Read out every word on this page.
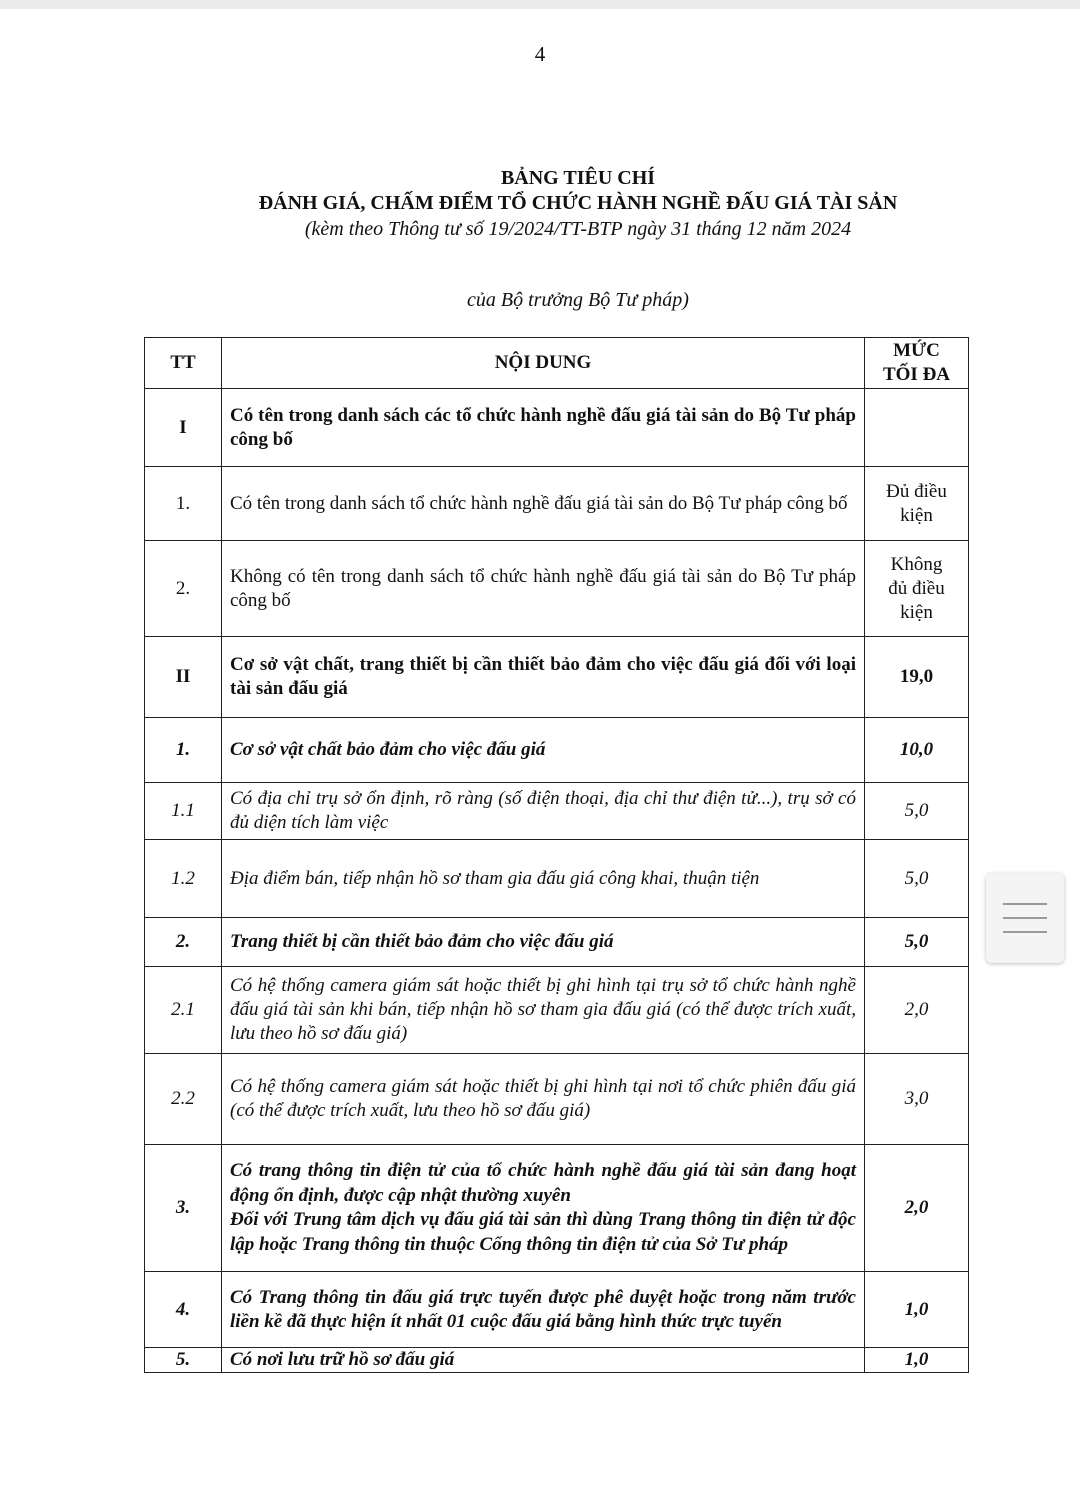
4
BẢNG TIÊU CHÍ
ĐÁNH GIÁ, CHẤM ĐIỂM TỔ CHỨC HÀNH NGHỀ ĐẤU GIÁ TÀI SẢN
(kèm theo Thông tư số 19/2024/TT-BTP ngày 31 tháng 12 năm 2024
của Bộ trưởng Bộ Tư pháp)
TT	NỘI DUNG	MỨC TỐI ĐA
I	Có tên trong danh sách các tổ chức hành nghề đấu giá tài sản do Bộ Tư pháp công bố	
1.	Có tên trong danh sách tổ chức hành nghề đấu giá tài sản do Bộ Tư pháp công bố	Đủ điều kiện
2.	Không có tên trong danh sách tổ chức hành nghề đấu giá tài sản do Bộ Tư pháp công bố	Không đủ điều kiện
II	Cơ sở vật chất, trang thiết bị cần thiết bảo đảm cho việc đấu giá đối với loại tài sản đấu giá	19,0
1.	Cơ sở vật chất bảo đảm cho việc đấu giá	10,0
1.1	Có địa chỉ trụ sở ổn định, rõ ràng (số điện thoại, địa chỉ thư điện tử...), trụ sở có đủ diện tích làm việc	5,0
1.2	Địa điểm bán, tiếp nhận hồ sơ tham gia đấu giá công khai, thuận tiện	5,0
2.	Trang thiết bị cần thiết bảo đảm cho việc đấu giá	5,0
2.1	Có hệ thống camera giám sát hoặc thiết bị ghi hình tại trụ sở tổ chức hành nghề đấu giá tài sản khi bán, tiếp nhận hồ sơ tham gia đấu giá (có thể được trích xuất, lưu theo hồ sơ đấu giá)	2,0
2.2	Có hệ thống camera giám sát hoặc thiết bị ghi hình tại nơi tổ chức phiên đấu giá (có thể được trích xuất, lưu theo hồ sơ đấu giá)	3,0
3.	Có trang thông tin điện tử của tổ chức hành nghề đấu giá tài sản đang hoạt động ổn định, được cập nhật thường xuyên
Đối với Trung tâm dịch vụ đấu giá tài sản thì dùng Trang thông tin điện tử độc lập hoặc Trang thông tin thuộc Cổng thông tin điện tử của Sở Tư pháp	2,0
4.	Có Trang thông tin đấu giá trực tuyến được phê duyệt hoặc trong năm trước liền kề đã thực hiện ít nhất 01 cuộc đấu giá bằng hình thức trực tuyến	1,0
5.	Có nơi lưu trữ hồ sơ đấu giá	1,0
